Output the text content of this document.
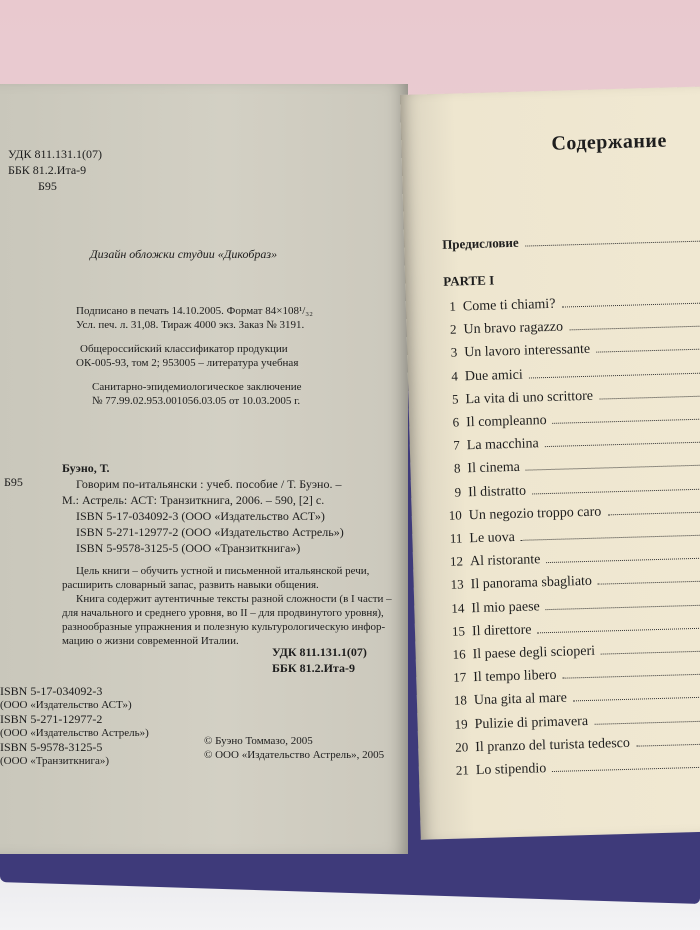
УДК 811.131.1(07)
ББК 81.2.Ита-9
Б95
Дизайн обложки студии «Дикобраз»
Подписано в печать 14.10.2005. Формат 84×108¹/₃₂
Усл. печ. л. 31,08. Тираж 4000 экз. Заказ № 3191.
Общероссийский классификатор продукции
ОК-005-93, том 2; 953005 – литература учебная
Санитарно-эпидемиологическое заключение
№ 77.99.02.953.001056.03.05 от 10.03.2005 г.
Б95
Буэно, Т.
Говорим по-итальянски : учеб. пособие / Т. Буэно. –
М.: Астрель: АСТ: Транзиткнига, 2006. – 590, [2] с.
ISBN 5-17-034092-3 (ООО «Издательство АСТ»)
ISBN 5-271-12977-2 (ООО «Издательство Астрель»)
ISBN 5-9578-3125-5 (ООО «Транзиткнига»)
Цель книги – обучить устной и письменной итальянской речи,
расширить словарный запас, развить навыки общения.
Книга содержит аутентичные тексты разной сложности (в I части –
для начального и среднего уровня, во II – для продвинутого уровня),
разнообразные упражнения и полезную культурологическую инфор-
мацию о жизни современной Италии.
УДК 811.131.1(07)
ББК 81.2.Ита-9
ISBN 5-17-034092-3
(ООО «Издательство АСТ»)
ISBN 5-271-12977-2
(ООО «Издательство Астрель»)
ISBN 5-9578-3125-5
(ООО «Транзиткнига»)
© Буэно Томмазо, 2005
© ООО «Издательство Астрель», 2005
Содержание
Предисловие
PARTE I
1 Come ti chiami?
2 Un bravo ragazzo
3 Un lavoro interessante
4 Due amici
5 La vita di uno scrittore
6 Il compleanno
7 La macchina
8 Il cinema
9 Il distratto
10 Un negozio troppo caro
11 Le uova
12 Al ristorante
13 Il panorama sbagliato
14 Il mio paese
15 Il direttore
16 Il paese degli scioperi
17 Il tempo libero
18 Una gita al mare
19 Pulizie di primavera
20 Il pranzo del turista tedesco
21 Lo stipendio
